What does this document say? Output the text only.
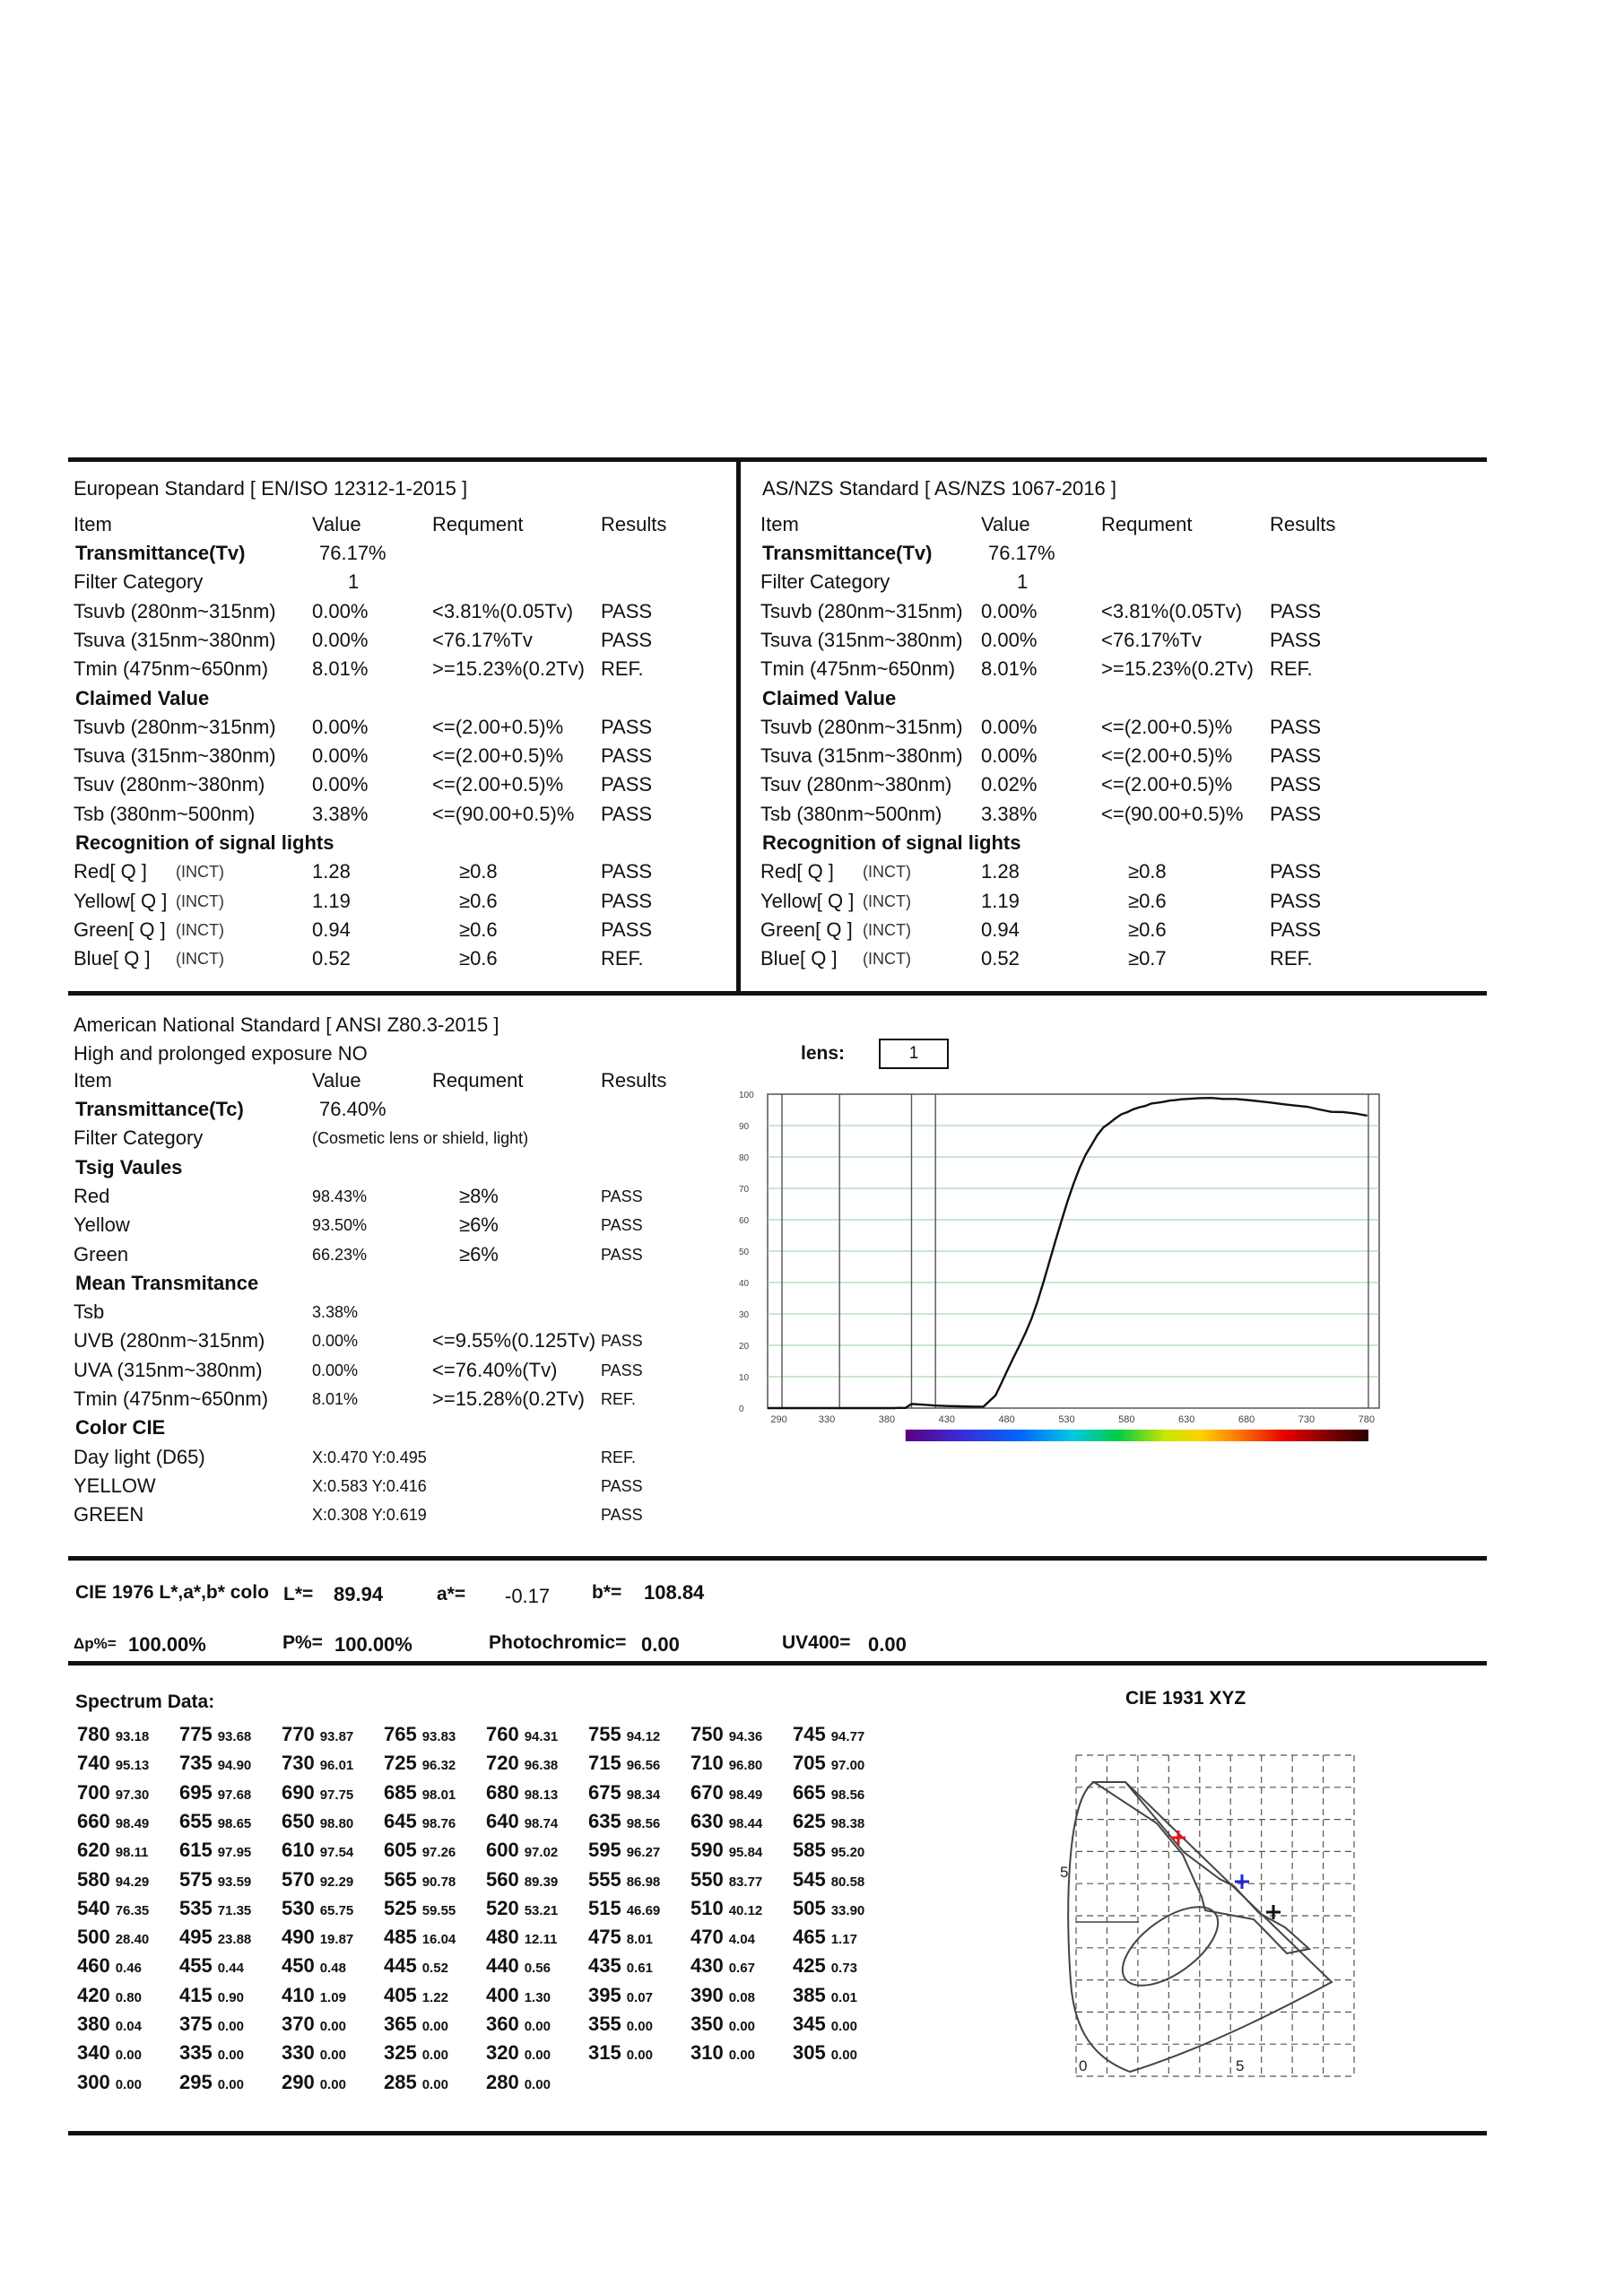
European Standard [ EN/ISO 12312-1-2015 ]
Item	Value	Requment	Results
Transmittance(Tv)	76.17%
Filter Category	1
Tsuvb (280nm~315nm) 0.00%	<3.81%(0.05Tv) PASS
Tsuva (315nm~380nm) 0.00%	<76.17%Tv	PASS
Tmin (475nm~650nm) 8.01%	>=15.23%(0.2Tv) REF.
Claimed Value
Tsuvb (280nm~315nm) 0.00%	<=(2.00+0.5)% PASS
Tsuva (315nm~380nm) 0.00%	<=(2.00+0.5)% PASS
Tsuv (280nm~380nm) 0.00%	<=(2.00+0.5)% PASS
Tsb (380nm~500nm)	3.38%	<=(90.00+0.5)% PASS
Recognition of signal lights
Red[ Q ] (INCT)	1.28	≥0.8	PASS
Yellow[ Q ] (INCT)	1.19	≥0.6	PASS
Green[ Q ] (INCT)	0.94	≥0.6	PASS
Blue[ Q ] (INCT)	0.52	≥0.6	REF.
AS/NZS Standard [ AS/NZS 1067-2016 ]
Item	Value	Requment	Results
Transmittance(Tv)	76.17%
Filter Category	1
Tsuvb (280nm~315nm) 0.00%	<3.81%(0.05Tv) PASS
Tsuva (315nm~380nm) 0.00%	<76.17%Tv	PASS
Tmin (475nm~650nm) 8.01%	>=15.23%(0.2Tv) REF.
Claimed Value
Tsuvb (280nm~315nm) 0.00%	<=(2.00+0.5)% PASS
Tsuva (315nm~380nm) 0.00%	<=(2.00+0.5)% PASS
Tsuv (280nm~380nm) 0.02%	<=(2.00+0.5)% PASS
Tsb (380nm~500nm) 3.38%	<=(90.00+0.5)% PASS
Recognition of signal lights
Red[ Q ] (INCT)	1.28	≥0.8	PASS
Yellow[ Q ] (INCT)	1.19	≥0.6	PASS
Green[ Q ] (INCT)	0.94	≥0.6	PASS
Blue[ Q ] (INCT)	0.52	≥0.7	REF.
American National Standard [ ANSI Z80.3-2015 ]
High and prolonged exposure NO
Item	Value	Requment	Results
Transmittance(Tc)	76.40%
Filter Category	(Cosmetic lens or shield, light)
Tsig Vaules
Red	98.43%	≥8%	PASS
Yellow	93.50%	≥6%	PASS
Green	66.23%	≥6%	PASS
Mean Transmitance
Tsb	3.38%
UVB (280nm~315nm)	0.00%	<=9.55%(0.125Tv) PASS
UVA (315nm~380nm)	0.00%	<=76.40%(Tv)	PASS
Tmin (475nm~650nm)	8.01%	>=15.28%(0.2Tv) REF.
Color CIE
Day light (D65)	X:0.470 Y:0.495	REF.
YELLOW	X:0.583 Y:0.416	PASS
GREEN	X:0.308 Y:0.619	PASS
lens:	1
100
90
80
70
60
50
40
30
20
10
0
290	330	380	430	480	530	580	630	680	730	780
CIE 1976 L*,a*,b* colo L*= 89.94	a*= -0.17 b*= 108.84
Δp%= 100.00%	P%= 100.00%	Photochromic= 0.00	UV400= 0.00
Spectrum Data:
780 93.18 775 93.68 770 93.87 765 93.83 760 94.31 755 94.12 750 94.36 745 94.77
740 95.13 735 94.90 730 96.01 725 96.32 720 96.38 715 96.56 710 96.80 705 97.00
700 97.30 695 97.68 690 97.75 685 98.01 680 98.13 675 98.34 670 98.49 665 98.56
660 98.49 655 98.65 650 98.80 645 98.76 640 98.74 635 98.56 630 98.44 625 98.38
620 98.11 615 97.95 610 97.54 605 97.26 600 97.02 595 96.27 590 95.84 585 95.20
580 94.29 575 93.59 570 92.29 565 90.78 560 89.39 555 86.98 550 83.77 545 80.58
540 76.35 535 71.35 530 65.75 525 59.55 520 53.21 515 46.69 510 40.12 505 33.90
500 28.40 495 23.88 490 19.87 485 16.04 480 12.11 475 8.01 470 4.04 465 1.17
460 0.46 455 0.44 450 0.48 445 0.52 440 0.56 435 0.61 430 0.67 425 0.73
420 0.80 415 0.90 410 1.09 405 1.22 400 1.30 395 0.07 390 0.08 385 0.01
380 0.04 375 0.00 370 0.00 365 0.00 360 0.00 355 0.00 350 0.00 345 0.00
340 0.00 335 0.00 330 0.00 325 0.00 320 0.00 315 0.00 310 0.00 305 0.00
300 0.00 295 0.00 290 0.00 285 0.00 280 0.00
CIE 1931 XYZ
0
5
5
